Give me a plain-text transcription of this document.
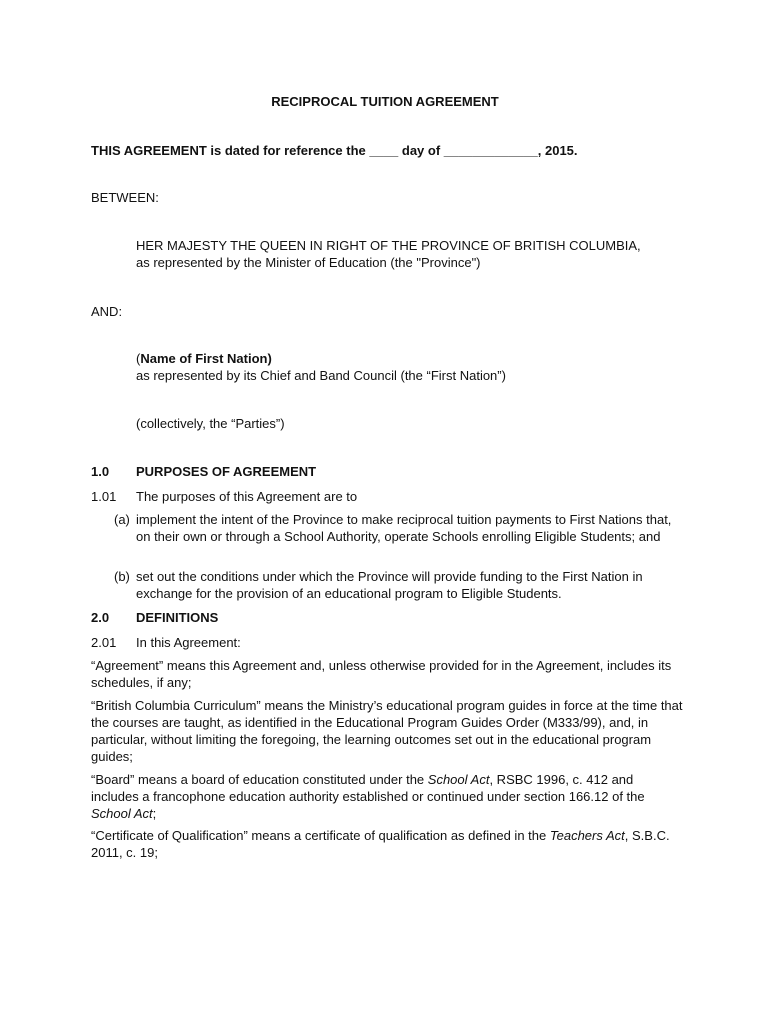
RECIPROCAL TUITION AGREEMENT
THIS AGREEMENT is dated for reference the ____ day of _____________, 2015.
BETWEEN:
HER MAJESTY THE QUEEN IN RIGHT OF THE PROVINCE OF BRITISH COLUMBIA,
as represented by the Minister of Education (the "Province")
AND:
(Name of First Nation)
as represented by its Chief and Band Council (the “First Nation”)
(collectively, the “Parties”)
1.0 PURPOSES OF AGREEMENT
1.01 The purposes of this Agreement are to
(a) implement the intent of the Province to make reciprocal tuition payments to First Nations that, on their own or through a School Authority, operate Schools enrolling Eligible Students; and
(b) set out the conditions under which the Province will provide funding to the First Nation in exchange for the provision of an educational program to Eligible Students.
2.0 DEFINITIONS
2.01 In this Agreement:
“Agreement” means this Agreement and, unless otherwise provided for in the Agreement, includes its schedules, if any;
“British Columbia Curriculum” means the Ministry’s educational program guides in force at the time that the courses are taught, as identified in the Educational Program Guides Order (M333/99), and, in particular, without limiting the foregoing, the learning outcomes set out in the educational program guides;
“Board” means a board of education constituted under the School Act, RSBC 1996, c. 412 and includes a francophone education authority established or continued under section 166.12 of the School Act;
“Certificate of Qualification” means a certificate of qualification as defined in the Teachers Act, S.B.C. 2011, c. 19;
